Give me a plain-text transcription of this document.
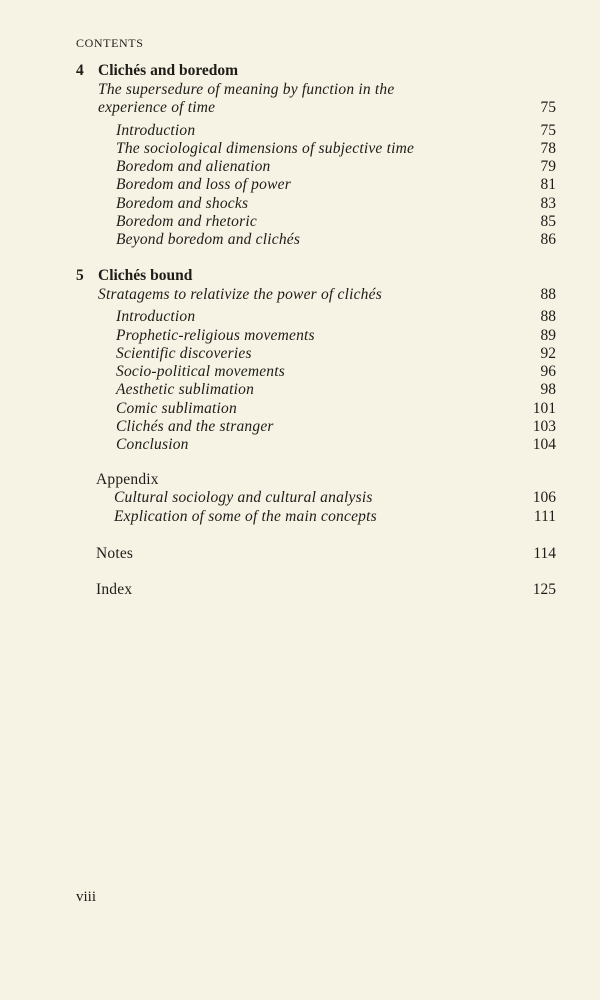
CONTENTS
4 Clichés and boredom
The supersedure of meaning by function in the experience of time	75
Introduction	75
The sociological dimensions of subjective time	78
Boredom and alienation	79
Boredom and loss of power	81
Boredom and shocks	83
Boredom and rhetoric	85
Beyond boredom and clichés	86
5 Clichés bound
Stratagems to relativize the power of clichés	88
Introduction	88
Prophetic-religious movements	89
Scientific discoveries	92
Socio-political movements	96
Aesthetic sublimation	98
Comic sublimation	101
Clichés and the stranger	103
Conclusion	104
Appendix
Cultural sociology and cultural analysis	106
Explication of some of the main concepts	111
Notes	114
Index	125
viii
